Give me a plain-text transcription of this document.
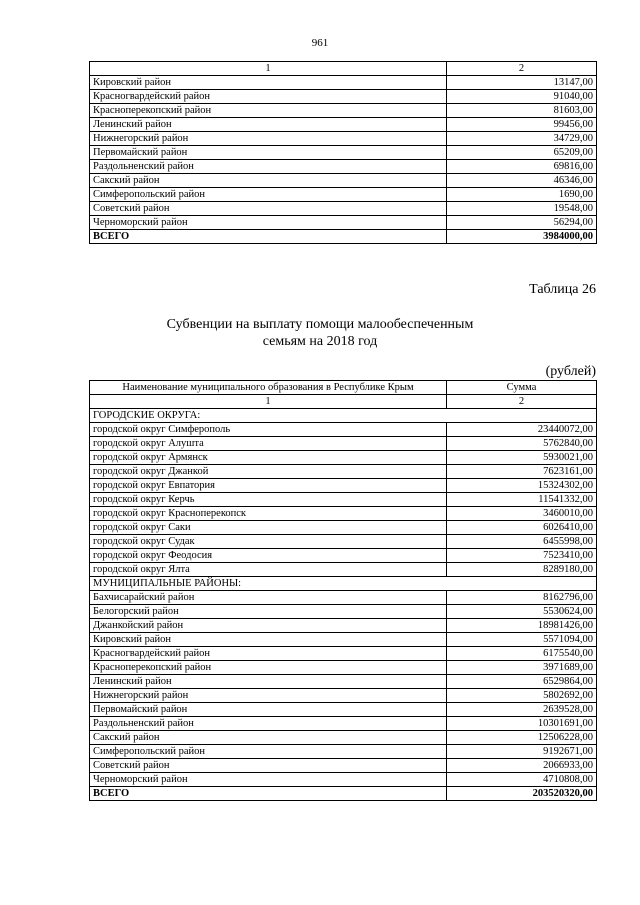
961
1	2
Кировский район	13147,00
Красногвардейский район	91040,00
Красноперекопский район	81603,00
Ленинский район	99456,00
Нижнегорский район	34729,00
Первомайский район	65209,00
Раздольненский район	69816,00
Сакский район	46346,00
Симферопольский район	1690,00
Советский район	19548,00
Черноморский район	56294,00
ВСЕГО	3984000,00
Таблица 26
Субвенции на выплату помощи малообеспеченным
семьям на 2018 год
(рублей)
Наименование муниципального образования в Республике Крым	Сумма
1	2
ГОРОДСКИЕ ОКРУГА:	
городской округ Симферополь	23440072,00
городской округ Алушта	5762840,00
городской округ Армянск	5930021,00
городской округ Джанкой	7623161,00
городской округ Евпатория	15324302,00
городской округ Керчь	11541332,00
городской округ Красноперекопск	3460010,00
городской округ Саки	6026410,00
городской округ Судак	6455998,00
городской округ Феодосия	7523410,00
городской округ Ялта	8289180,00
МУНИЦИПАЛЬНЫЕ РАЙОНЫ:	
Бахчисарайский район	8162796,00
Белогорский район	5530624,00
Джанкойский район	18981426,00
Кировский район	5571094,00
Красногвардейский район	6175540,00
Красноперекопский район	3971689,00
Ленинский район	6529864,00
Нижнегорский район	5802692,00
Первомайский район	2639528,00
Раздольненский район	10301691,00
Сакский район	12506228,00
Симферопольский район	9192671,00
Советский район	2066933,00
Черноморский район	4710808,00
ВСЕГО	203520320,00
